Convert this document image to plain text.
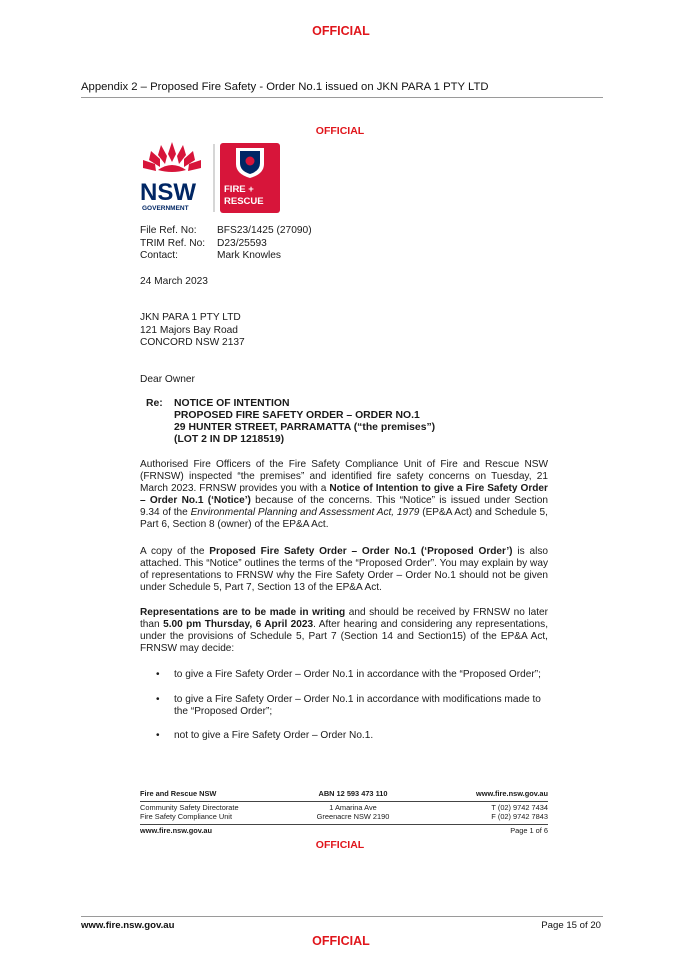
OFFICIAL
Appendix 2 – Proposed Fire Safety - Order No.1 issued on JKN PARA 1 PTY LTD
OFFICIAL
NSW
GOVERNMENT
FIRE +
RESCUE
File Ref. No:	BFS23/1425 (27090)
TRIM Ref. No:	D23/25593
Contact:	Mark Knowles
24 March 2023
JKN PARA 1 PTY LTD
121 Majors Bay Road
CONCORD NSW 2137
Dear Owner
Re: NOTICE OF INTENTION
PROPOSED FIRE SAFETY ORDER – ORDER NO.1
29 HUNTER STREET, PARRAMATTA (“the premises”)
(LOT 2 IN DP 1218519)
Authorised Fire Officers of the Fire Safety Compliance Unit of Fire and Rescue NSW (FRNSW) inspected “the premises” and identified fire safety concerns on Tuesday, 21 March 2023. FRNSW provides you with a Notice of Intention to give a Fire Safety Order – Order No.1 (‘Notice’) because of the concerns. This “Notice” is issued under Section 9.34 of the Environmental Planning and Assessment Act, 1979 (EP&A Act) and Schedule 5, Part 6, Section 8 (owner) of the EP&A Act.
A copy of the Proposed Fire Safety Order – Order No.1 (‘Proposed Order’) is also attached. This “Notice” outlines the terms of the “Proposed Order”. You may explain by way of representations to FRNSW why the Fire Safety Order – Order No.1 should not be given under Schedule 5, Part 7, Section 13 of the EP&A Act.
Representations are to be made in writing and should be received by FRNSW no later than 5.00 pm Thursday, 6 April 2023. After hearing and considering any representations, under the provisions of Schedule 5, Part 7 (Section 14 and Section15) of the EP&A Act, FRNSW may decide:
• to give a Fire Safety Order – Order No.1 in accordance with the “Proposed Order”;
• to give a Fire Safety Order – Order No.1 in accordance with modifications made to the “Proposed Order”;
• not to give a Fire Safety Order – Order No.1.
Fire and Rescue NSW	ABN 12 593 473 110	www.fire.nsw.gov.au
Community Safety Directorate	1 Amarina Ave	T (02) 9742 7434
Fire Safety Compliance Unit	Greenacre NSW 2190	F (02) 9742 7843
www.fire.nsw.gov.au	Page 1 of 6
OFFICIAL
www.fire.nsw.gov.au	Page 15 of 20
OFFICIAL
